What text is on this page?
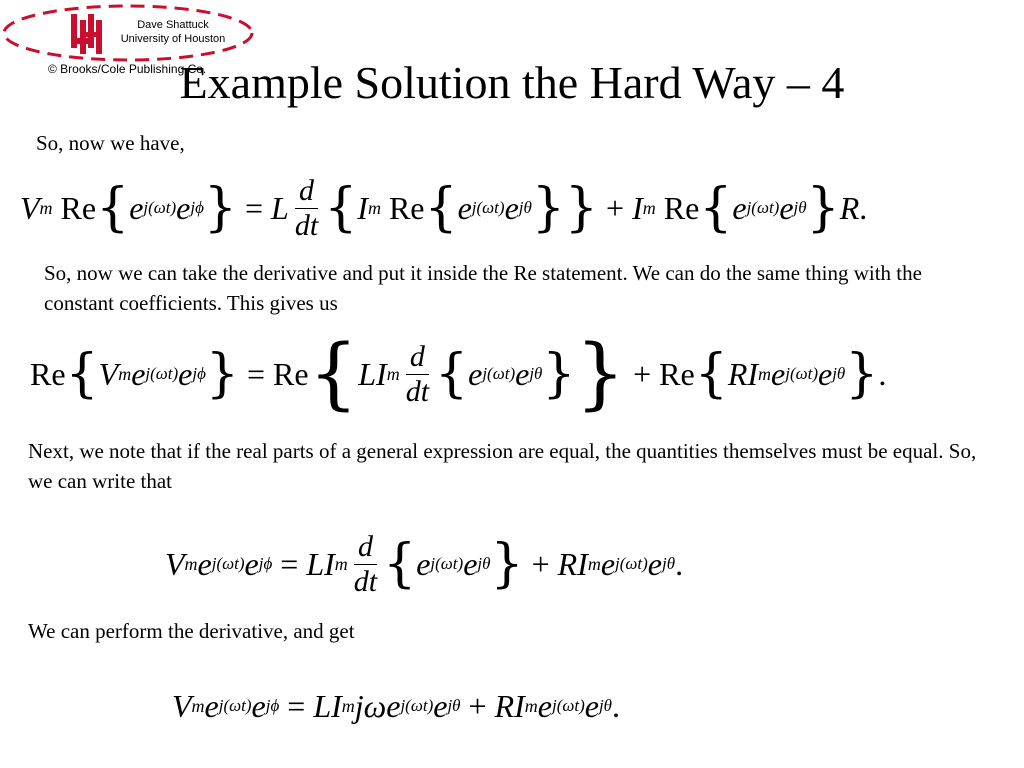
Dave Shattuck
University of Houston
© Brooks/Cole Publishing Co.
Example Solution the Hard Way – 4
So, now we have,
V m Re { e j(ωt) e jϕ } = L $\frac{d}{dt}$ { I m Re { e j(ωt) e jθ }} + I m Re { e j(ωt) e jθ } R .
So, now we can take the derivative and put it inside the Re statement. We can do the same thing with the constant coefficients. This gives us
Re { V m e j(ωt) e jϕ } = Re { LI m $\frac{d}{dt}$ { e j(ωt) e jθ } } + Re { RI m e j(ωt) e jθ } .
Next, we note that if the real parts of a general expression are equal, the quantities themselves must be equal. So, we can write that
V m e j(ωt) e jϕ = LI m $\frac{d}{dt}$ { e j(ωt) e jθ } + RI m e j(ωt) e jθ .
We can perform the derivative, and get
V m e j(ωt) e jϕ = LI m jωe j(ωt) e jθ + RI m e j(ωt) e jθ .
